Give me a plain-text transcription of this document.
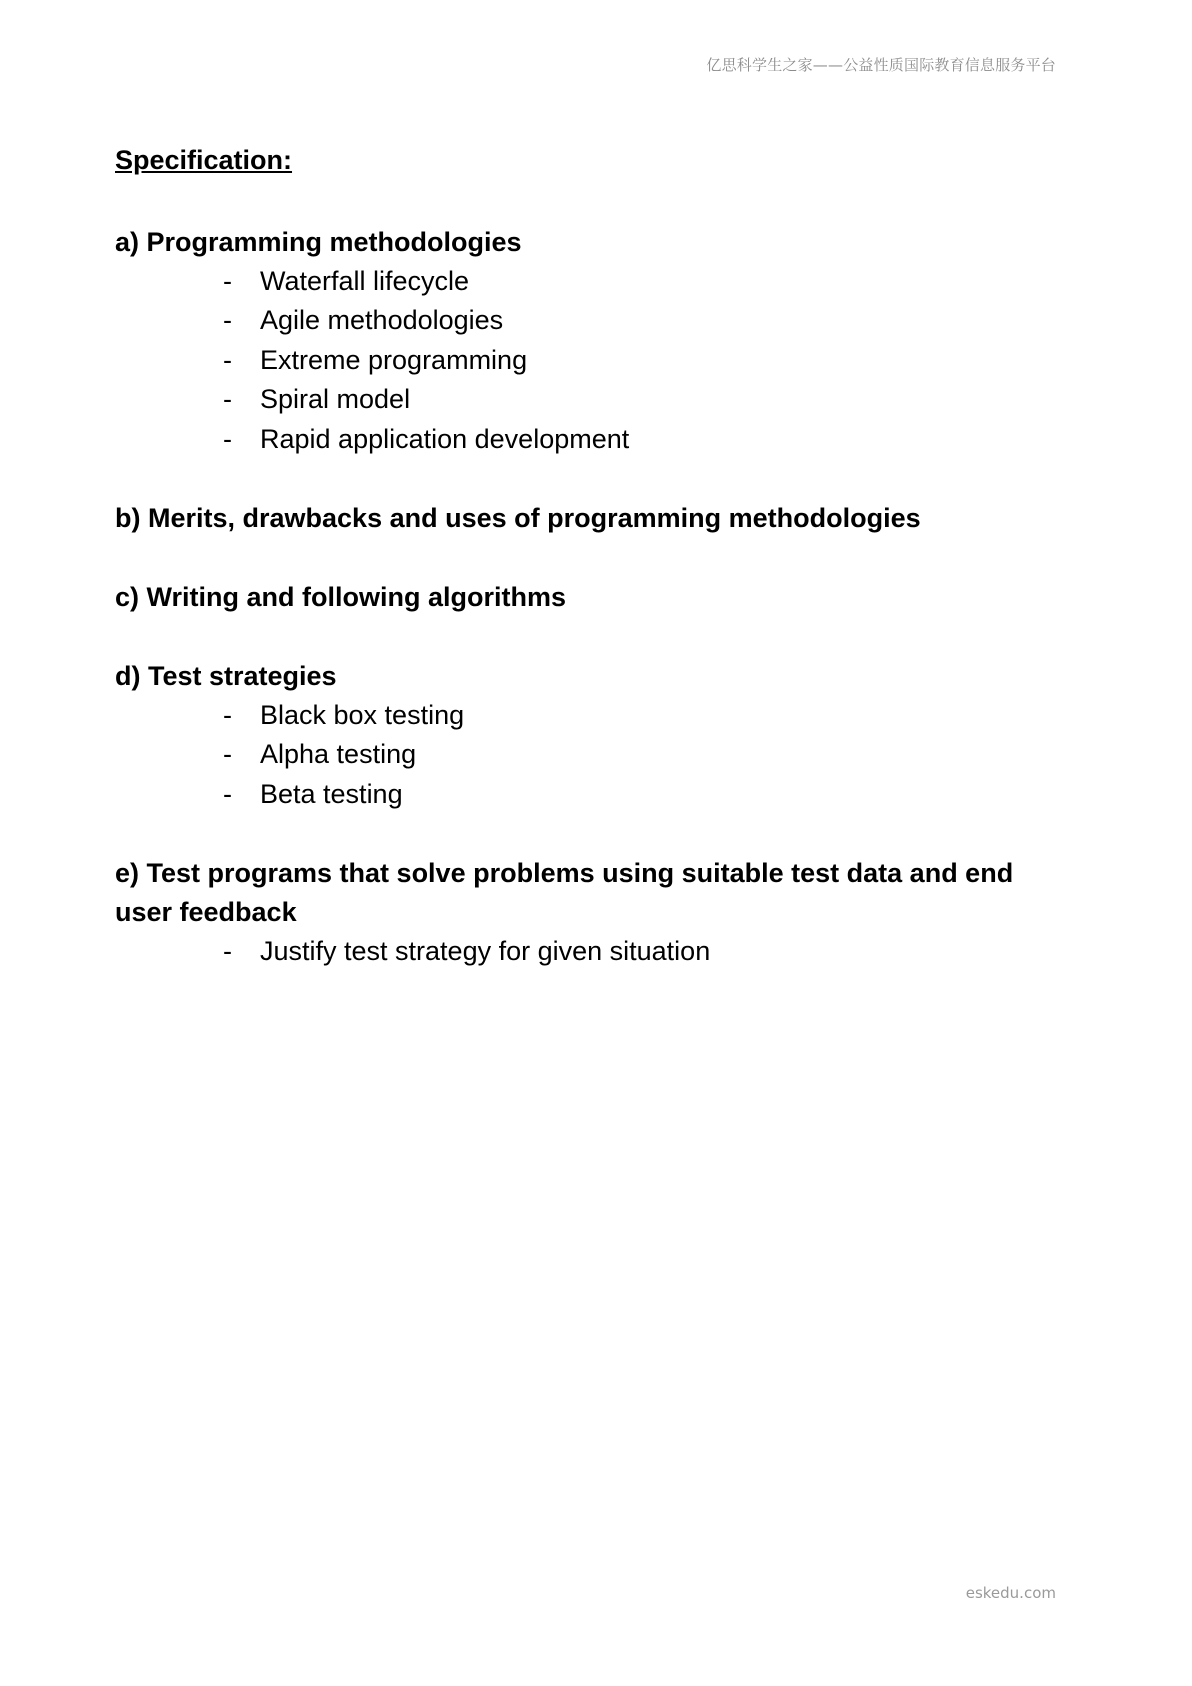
亿思科学生之家——公益性质国际教育信息服务平台
Specification:

a) Programming methodologies

- Waterfall lifecycle
- Agile methodologies
- Extreme programming
- Spiral model
- Rapid application development

b) Merits, drawbacks and uses of programming methodologies

c) Writing and following algorithms

d) Test strategies

- Black box testing
- Alpha testing
- Beta testing

e) Test programs that solve problems using suitable test data and end user feedback

- Justify test strategy for given situation
eskedu.com
